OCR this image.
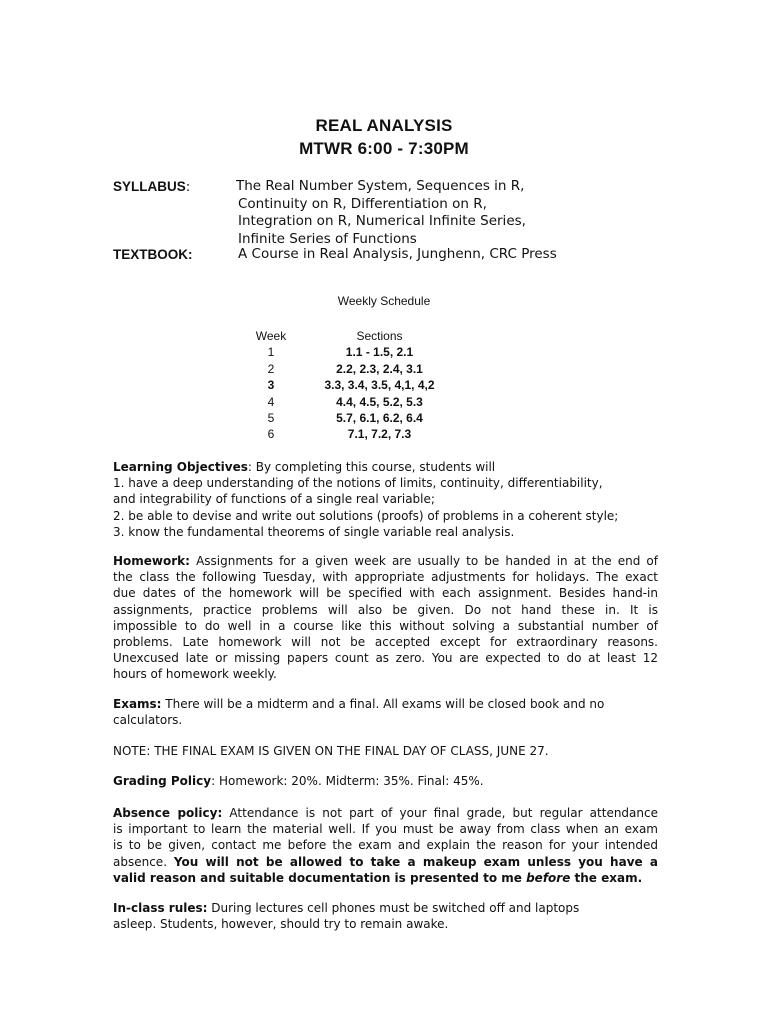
REAL ANALYSIS
MTWR 6:00 - 7:30PM
SYLLABUS:	The Real Number System, Sequences in R,
Continuity on R, Differentiation on R,
Integration on R, Numerical Infinite Series,
Infinite Series of Functions
TEXTBOOK:	A Course in Real Analysis, Junghenn, CRC Press
Weekly Schedule
Week	Sections
1	1.1 - 1.5, 2.1
2	2.2, 2.3, 2.4, 3.1
3	3.3, 3.4, 3.5, 4,1, 4,2
4	4.4, 4.5, 5.2, 5.3
5	5.7, 6.1, 6.2, 6.4
6	7.1, 7.2, 7.3
Learning Objectives: By completing this course, students will
1. have a deep understanding of the notions of limits, continuity, differentiability,
and integrability of functions of a single real variable;
2. be able to devise and write out solutions (proofs) of problems in a coherent style;
3. know the fundamental theorems of single variable real analysis.
Homework: Assignments for a given week are usually to be handed in at the end of
the class the following Tuesday, with appropriate adjustments for holidays. The exact
due dates of the homework will be specified with each assignment. Besides hand-in
assignments, practice problems will also be given. Do not hand these in. It is
impossible to do well in a course like this without solving a substantial number of
problems. Late homework will not be accepted except for extraordinary reasons.
Unexcused late or missing papers count as zero. You are expected to do at least 12
hours of homework weekly.
Exams: There will be a midterm and a final. All exams will be closed book and no
calculators.
NOTE: THE FINAL EXAM IS GIVEN ON THE FINAL DAY OF CLASS, JUNE 27.
Grading Policy: Homework: 20%. Midterm: 35%. Final: 45%.
Absence policy: Attendance is not part of your final grade, but regular attendance
is important to learn the material well. If you must be away from class when an exam
is to be given, contact me before the exam and explain the reason for your intended
absence. You will not be allowed to take a makeup exam unless you have a
valid reason and suitable documentation is presented to me before the exam.
In-class rules: During lectures cell phones must be switched off and laptops
asleep. Students, however, should try to remain awake.
